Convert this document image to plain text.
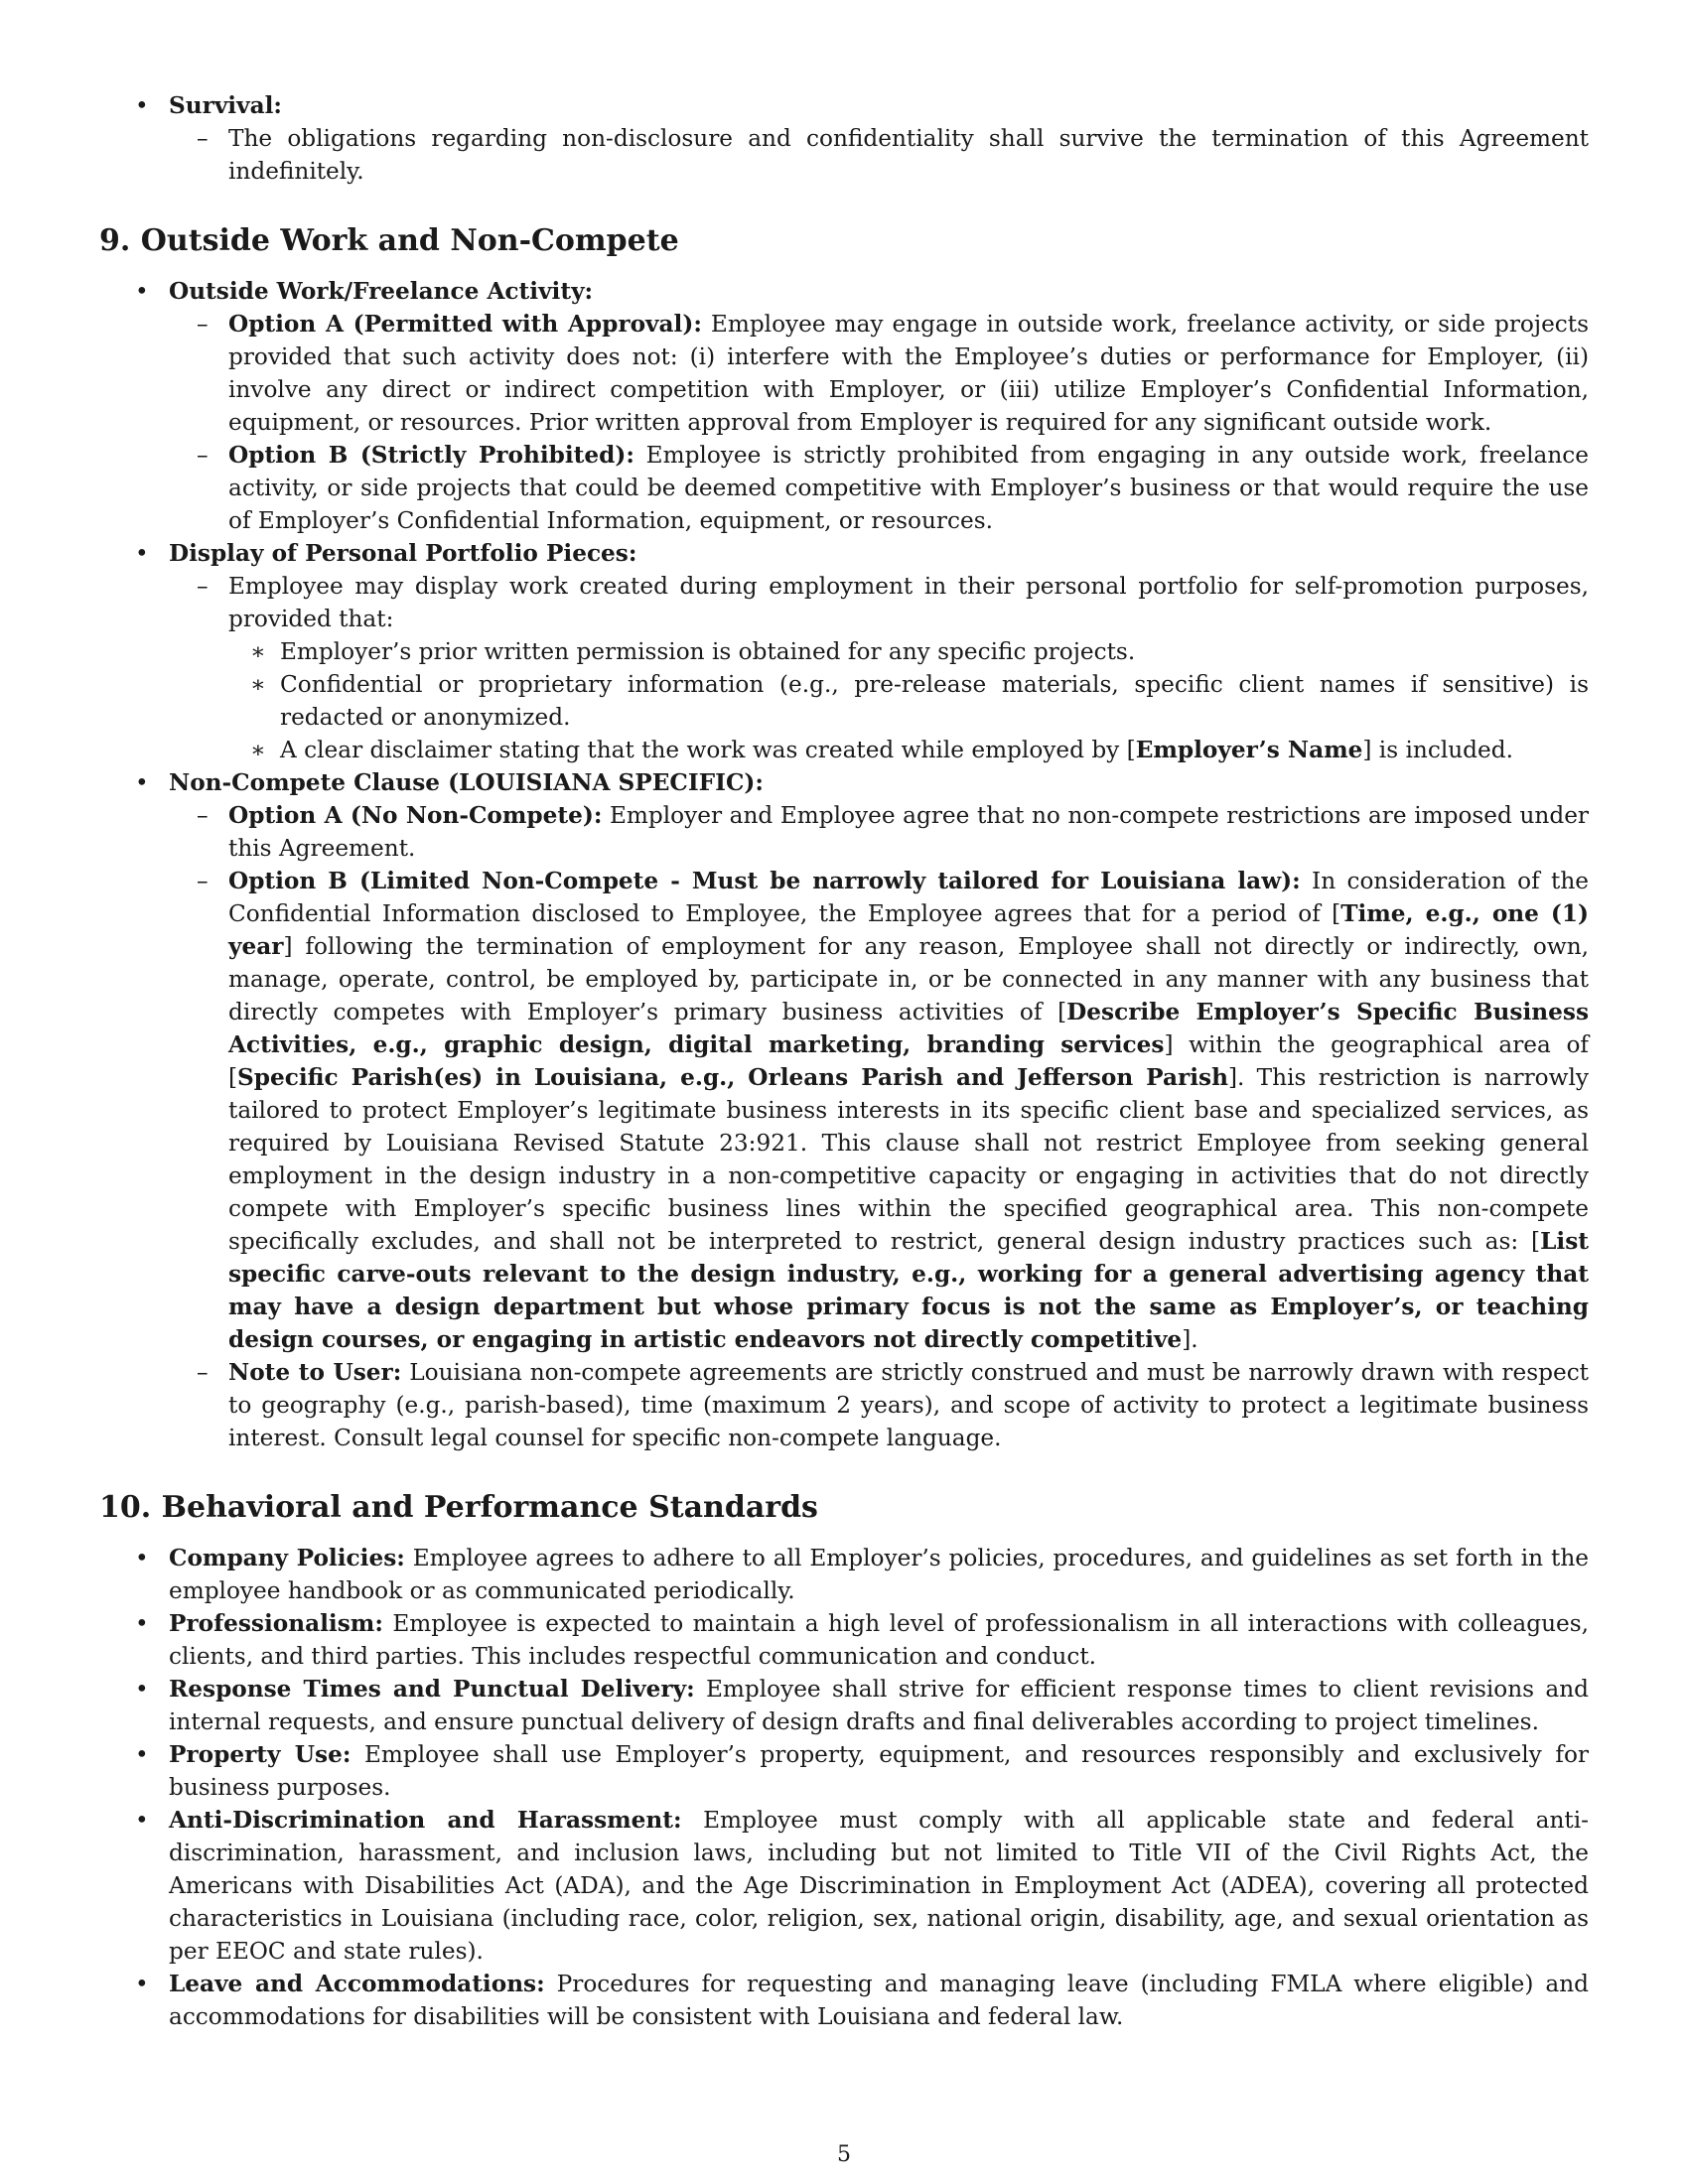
• Survival:
– The obligations regarding non-disclosure and confidentiality shall survive the termination of this Agreement indefinitely.
9. Outside Work and Non-Compete
• Outside Work/Freelance Activity:
– Option A (Permitted with Approval): Employee may engage in outside work, freelance activity, or side projects provided that such activity does not: (i) interfere with the Employee’s duties or performance for Employer, (ii) involve any direct or indirect competition with Employer, or (iii) utilize Employer’s Confidential Information, equipment, or resources. Prior written approval from Employer is required for any significant outside work.
– Option B (Strictly Prohibited): Employee is strictly prohibited from engaging in any outside work, freelance activity, or side projects that could be deemed competitive with Employer’s business or that would require the use of Employer’s Confidential Information, equipment, or resources.
• Display of Personal Portfolio Pieces:
– Employee may display work created during employment in their personal portfolio for self-promotion purposes, provided that:
∗ Employer’s prior written permission is obtained for any specific projects.
∗ Confidential or proprietary information (e.g., pre-release materials, specific client names if sensitive) is redacted or anonymized.
∗ A clear disclaimer stating that the work was created while employed by [Employer’s Name] is included.
• Non-Compete Clause (LOUISIANA SPECIFIC):
– Option A (No Non-Compete): Employer and Employee agree that no non-compete restrictions are imposed under this Agreement.
– Option B (Limited Non-Compete - Must be narrowly tailored for Louisiana law): In consideration of the Confidential Information disclosed to Employee, the Employee agrees that for a period of [Time, e.g., one (1) year] following the termination of employment for any reason, Employee shall not directly or indirectly, own, manage, operate, control, be employed by, participate in, or be connected in any manner with any business that directly competes with Employer’s primary business activities of [Describe Employer’s Specific Business Activities, e.g., graphic design, digital marketing, branding services] within the geographical area of [Specific Parish(es) in Louisiana, e.g., Orleans Parish and Jefferson Parish]. This restriction is narrowly tailored to protect Employer’s legitimate business interests in its specific client base and specialized services, as required by Louisiana Revised Statute 23:921. This clause shall not restrict Employee from seeking general employment in the design industry in a non-competitive capacity or engaging in activities that do not directly compete with Employer’s specific business lines within the specified geographical area. This non-compete specifically excludes, and shall not be interpreted to restrict, general design industry practices such as: [List specific carve-outs relevant to the design industry, e.g., working for a general advertising agency that may have a design department but whose primary focus is not the same as Employer’s, or teaching design courses, or engaging in artistic endeavors not directly competitive].
– Note to User: Louisiana non-compete agreements are strictly construed and must be narrowly drawn with respect to geography (e.g., parish-based), time (maximum 2 years), and scope of activity to protect a legitimate business interest. Consult legal counsel for specific non-compete language.
10. Behavioral and Performance Standards
• Company Policies: Employee agrees to adhere to all Employer’s policies, procedures, and guidelines as set forth in the employee handbook or as communicated periodically.
• Professionalism: Employee is expected to maintain a high level of professionalism in all interactions with colleagues, clients, and third parties. This includes respectful communication and conduct.
• Response Times and Punctual Delivery: Employee shall strive for efficient response times to client revisions and internal requests, and ensure punctual delivery of design drafts and final deliverables according to project timelines.
• Property Use: Employee shall use Employer’s property, equipment, and resources responsibly and exclusively for business purposes.
• Anti-Discrimination and Harassment: Employee must comply with all applicable state and federal anti-discrimination, harassment, and inclusion laws, including but not limited to Title VII of the Civil Rights Act, the Americans with Disabilities Act (ADA), and the Age Discrimination in Employment Act (ADEA), covering all protected characteristics in Louisiana (including race, color, religion, sex, national origin, disability, age, and sexual orientation as per EEOC and state rules).
• Leave and Accommodations: Procedures for requesting and managing leave (including FMLA where eligible) and accommodations for disabilities will be consistent with Louisiana and federal law.
5
